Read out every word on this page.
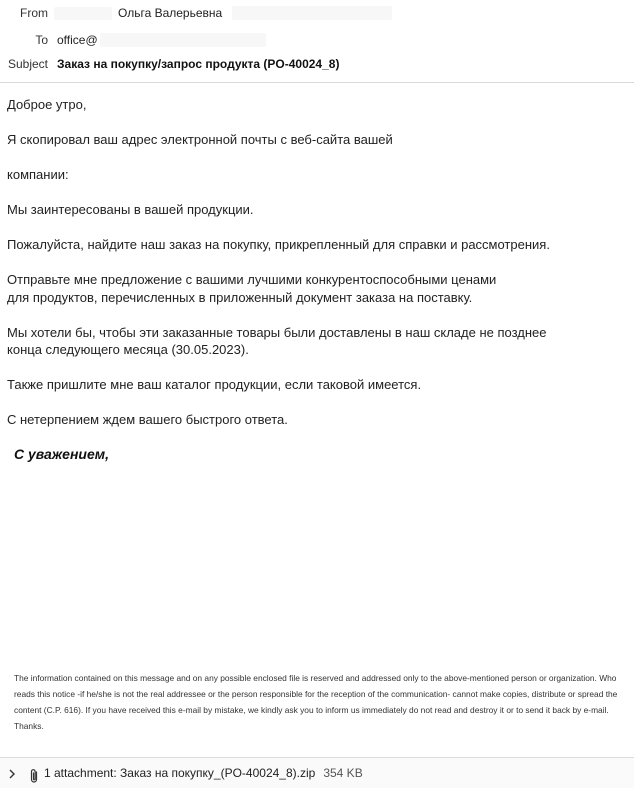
From	Ольга Валерьевна
To office@
Subject Заказ на покупку/запрос продукта (PO-40024_8)

Доброе утро,

Я скопировал ваш адрес электронной почты с веб-сайта вашей

компании:

Мы заинтересованы в вашей продукции.

Пожалуйста, найдите наш заказ на покупку, прикрепленный для справки и рассмотрения.

Отправьте мне предложение с вашими лучшими конкурентоспособными ценами
для продуктов, перечисленных в приложенный документ заказа на поставку.

Мы хотели бы, чтобы эти заказанные товары были доставлены в наш складе не позднее
конца следующего месяца (30.05.2023).

Также пришлите мне ваш каталог продукции, если таковой имеется.

С нетерпением ждем вашего быстрого ответа.

С уважением,
The information contained on this message and on any possible enclosed file is reserved and addressed only to the above-mentioned person or organization. Who reads this notice -if he/she is not the real addressee or the person responsible for the reception of the communication- cannot make copies, distribute or spread the content (C.P. 616). If you have received this e-mail by mistake, we kindly ask you to inform us immediately do not read and destroy it or to send it back by e-mail. Thanks.
1 attachment: Заказ на покупку_(PO-40024_8).zip 354 KB
